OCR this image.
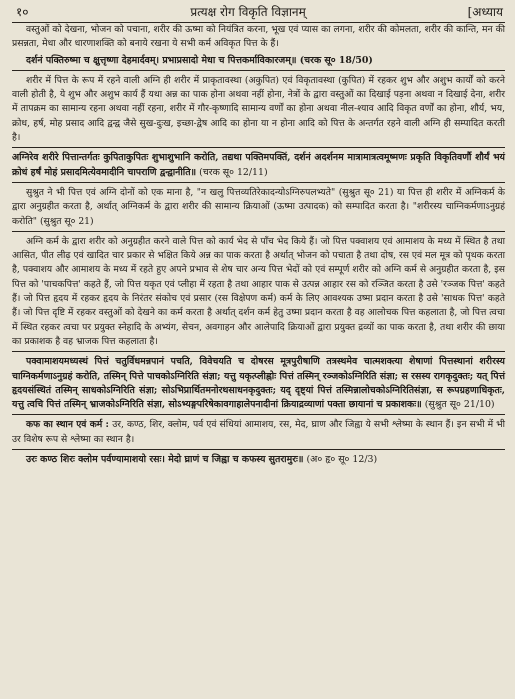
१०	प्रत्यक्ष रोग विकृति विज्ञानम्	[अध्याय

वस्तुओं को देखना, भोजन को पचाना, शरीर की ऊष्मा को नियंत्रित करना, भूख एवं प्यास का लगना, शरीर की कोमलता, शरीर की कान्ति, मन की प्रसन्नता, मेधा और धारणाशक्ति को बनाये रखना ये सभी कर्म अविकृत पित्त के हैं।

दर्शनं पक्तिरुष्मा च क्षुत्तृष्णा देहमार्दवम्। प्रभाप्रसादो मेधा च पित्तकर्माविकारजम्॥ (चरक सू० 18/50)

शरीर में पित्त के रूप में रहने वाली अग्नि ही शरीर में प्राकृतावस्था (अकुपित) एवं विकृतावस्था (कुपित) में रहकर शुभ और अशुभ कार्यों को करने वाली होती है, ये शुभ और अशुभ कार्य हैं यथा अन्न का पाक होना अथवा नहीं होना, नेत्रों के द्वारा वस्तुओं का दिखाई पड़ना अथवा न दिखाई देना, शरीर में तापक्रम का सामान्य रहना अथवा नहीं रहना, शरीर में गौर-कृष्णादि सामान्य वर्णों का होना अथवा नील-श्याव आदि विकृत वर्णों का होना, शौर्य, भय, क्रोध, हर्ष, मोह प्रसाद आदि द्वन्द्व जैसे सुख-दुःख, इच्छा-द्वेष आदि का होना या न होना आदि को पित्त के अन्तर्गत रहने वाली अग्नि ही सम्पादित करती है।

अग्निरेव शरीरे पित्तान्तर्गतः कुपिताकुपितः शुभाशुभानि करोति, तद्यथा पक्तिमपक्तिं, दर्शनं अदर्शनम मात्रामात्रत्वमूष्मणः प्रकृति विकृतिवर्णौ शौर्यं भयं क्रोधं हर्षं मोहं प्रसादमित्येवमादीनि चापराणि द्वन्द्वानीति॥ (चरक सू० 12/11)

सुश्रुत ने भी पित्त एवं अग्नि दोनों को एक माना है, "न खलु पित्तव्यतिरेकादन्योऽग्निरुपलभ्यते" (सुश्रुत सू० 21) या पित्त ही शरीर में अग्निकर्म के द्वारा अनुग्रहीत करता है, अर्थात् अग्निकर्म के द्वारा शरीर की सामान्य क्रियाओं (ऊष्मा उत्पादक) को सम्पादित करता है। "शरीरस्य चाग्निकर्मणाऽनुग्रहं करोति" (सुश्रुत सू० 21)

अग्नि कर्म के द्वारा शरीर को अनुग्रहीत करने वाले पित्त को कार्य भेद से पाँच भेद किये हैं। जो पित्त पक्वाशय एवं आमाशय के मध्य में स्थित है तथा आसित, पीत लीढ़ एवं खादित चार प्रकार से भक्षित किये अन्न का पाक करता है अर्थात् भोजन को पचाता है तथा दोष, रस एवं मल मूत्र को पृथक करता है, पक्वाशय और आमाशय के मध्य में रहते हुए अपने प्रभाव से शेष चार अन्य पित्त भेदों को एवं सम्पूर्ण शरीर को अग्नि कर्म से अनुग्रहीत करता है, इस पित्त को 'पाचकपित्त' कहते हैं, जो पित्त यकृत एवं प्लीहा में रहता है तथा आहार पाक से उत्पन्न आहार रस को रञ्जित करता है उसे 'रञ्जक पित्त' कहते हैं। जो पित्त हृदय में रहकर हृदय के निरंतर संकोच एवं प्रसार (रस विक्षेपण कर्म) कर्म के लिए आवश्यक उष्मा प्रदान करता है उसे 'साधक पित्त' कहते हैं। जो पित्त दृष्टि में रहकर वस्तुओं को देखने का कर्म करता है अर्थात् दर्शन कर्म हेतु उष्मा प्रदान करता है वह आलोचक पित्त कहलाता है, जो पित्त त्वचा में स्थित रहकर त्वचा पर प्रयुक्त स्नेहादि के अभ्यंग, सेचन, अवगाहन और आलेपादि क्रियाओं द्वारा प्रयुक्त द्रव्यों का पाक करता है, तथा शरीर की छाया का प्रकाशक है वह भ्राजक पित्त कहलाता है।

पक्वामाशयमध्यस्थं पित्तं चतुर्विधमन्नपानं पचति, विवेचयति च दोषरस मूत्रपुरीषाणि तत्रस्थमेव चात्मशक्त्या शेषाणां पित्तस्थानां शरीरस्य चाग्निकर्मणाऽनुग्रहं करोति, तस्मिन् पित्ते पाचकोऽग्निरिति संज्ञा; यत्तु यकृत्प्लीह्नोः पित्तं तस्मिन् रञ्जकोऽग्निरिति संज्ञा; स रसस्य रागकृदुक्तः; यत् पित्तं हृदयसंस्थितं तस्मिन् साधकोऽग्निरिति संज्ञा; सोऽभिप्रार्थितमनोरथसाधनकृदुक्तः; यद् दृष्ट्यां पित्तं तस्मिन्नालोचकोऽग्निरितिसंज्ञा, स रूपग्रहणाधिकृतः, यत्तु त्वचि पित्तं तस्मिन् भ्राजकोऽग्निरिति संज्ञा, सोऽभ्यङ्गपरिषेकावगाहालेपनादीनां क्रियाद्रव्याणां पक्ता छायानां च प्रकाशकः॥ (सुश्रुत सू० 21/10)

कफ का स्थान एवं कर्म : उर, कण्ठ, शिर, क्लोम, पर्व एवं संधियां आमाशय, रस, मेद, घ्राण और जिह्वा ये सभी श्लेष्मा के स्थान हैं। इन सभी में भी उर विशेष रूप से श्लेष्मा का स्थान है।

उरः कण्ठ शिरः क्लोम पर्वण्यामाशयो रसः। मेदो घ्राणं च जिह्वा च कफस्य सुतरामुरः॥ (अ० हृ० सू० 12/3)
